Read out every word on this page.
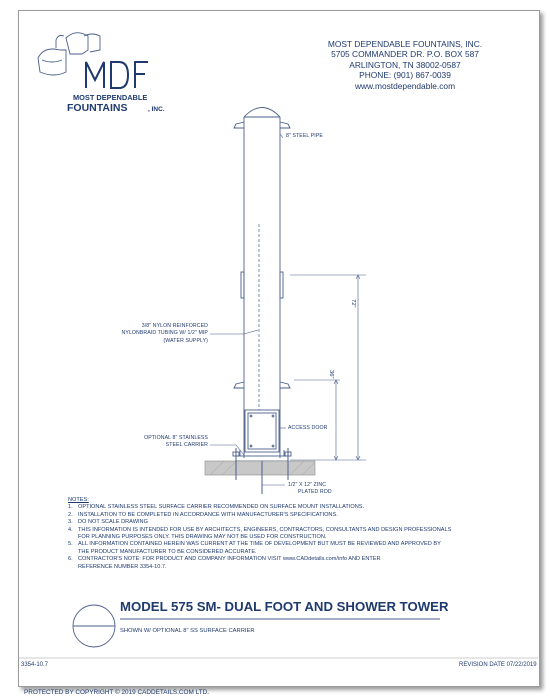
MOST DEPENDABLE FOUNTAINS, INC.
5705 COMMANDER DR. P.O. BOX 587
ARLINGTON, TN 38002-0587
PHONE: (901) 867-0039
www.mostdependable.com
MOST DEPENDABLE
FOUNTAINS	, INC.
72"
36"
8" STEEL PIPE
3/8" NYLON REINFORCED
NYLONBRAID TUBING W/ 1/2" MIP
(WATER SUPPLY)
OPTIONAL 8" STAINLESS
STEEL CARRIER
ACCESS DOOR
1/2" X 12" ZINC
PLATED ROD
NOTES:
1. OPTIONAL STAINLESS STEEL SURFACE CARRIER RECOMMENDED ON SURFACE MOUNT INSTALLATIONS.
2. INSTALLATION TO BE COMPLETED IN ACCORDANCE WITH MANUFACTURER'S SPECIFICATIONS.
3. DO NOT SCALE DRAWING
4. THIS INFORMATION IS INTENDED FOR USE BY ARCHITECTS, ENGINEERS, CONTRACTORS, CONSULTANTS AND DESIGN PROFESSIONALS
FOR PLANNING PURPOSES ONLY. THIS DRAWING MAY NOT BE USED FOR CONSTRUCTION.
5. ALL INFORMATION CONTAINED HEREIN WAS CURRENT AT THE TIME OF DEVELOPMENT BUT MUST BE REVIEWED AND APPROVED BY
THE PRODUCT MANUFACTURER TO BE CONSIDERED ACCURATE.
6. CONTRACTOR'S NOTE: FOR PRODUCT AND COMPANY INFORMATION VISIT www.CADdetails.com/info AND ENTER
REFERENCE NUMBER 3354-10.7.
MODEL 575 SM- DUAL FOOT AND SHOWER TOWER
SHOWN W/ OPTIONAL 8" SS SURFACE CARRIER
3354-10.7	REVISION DATE 07/22/2019
PROTECTED BY COPYRIGHT © 2019 CADDETAILS.COM LTD.
